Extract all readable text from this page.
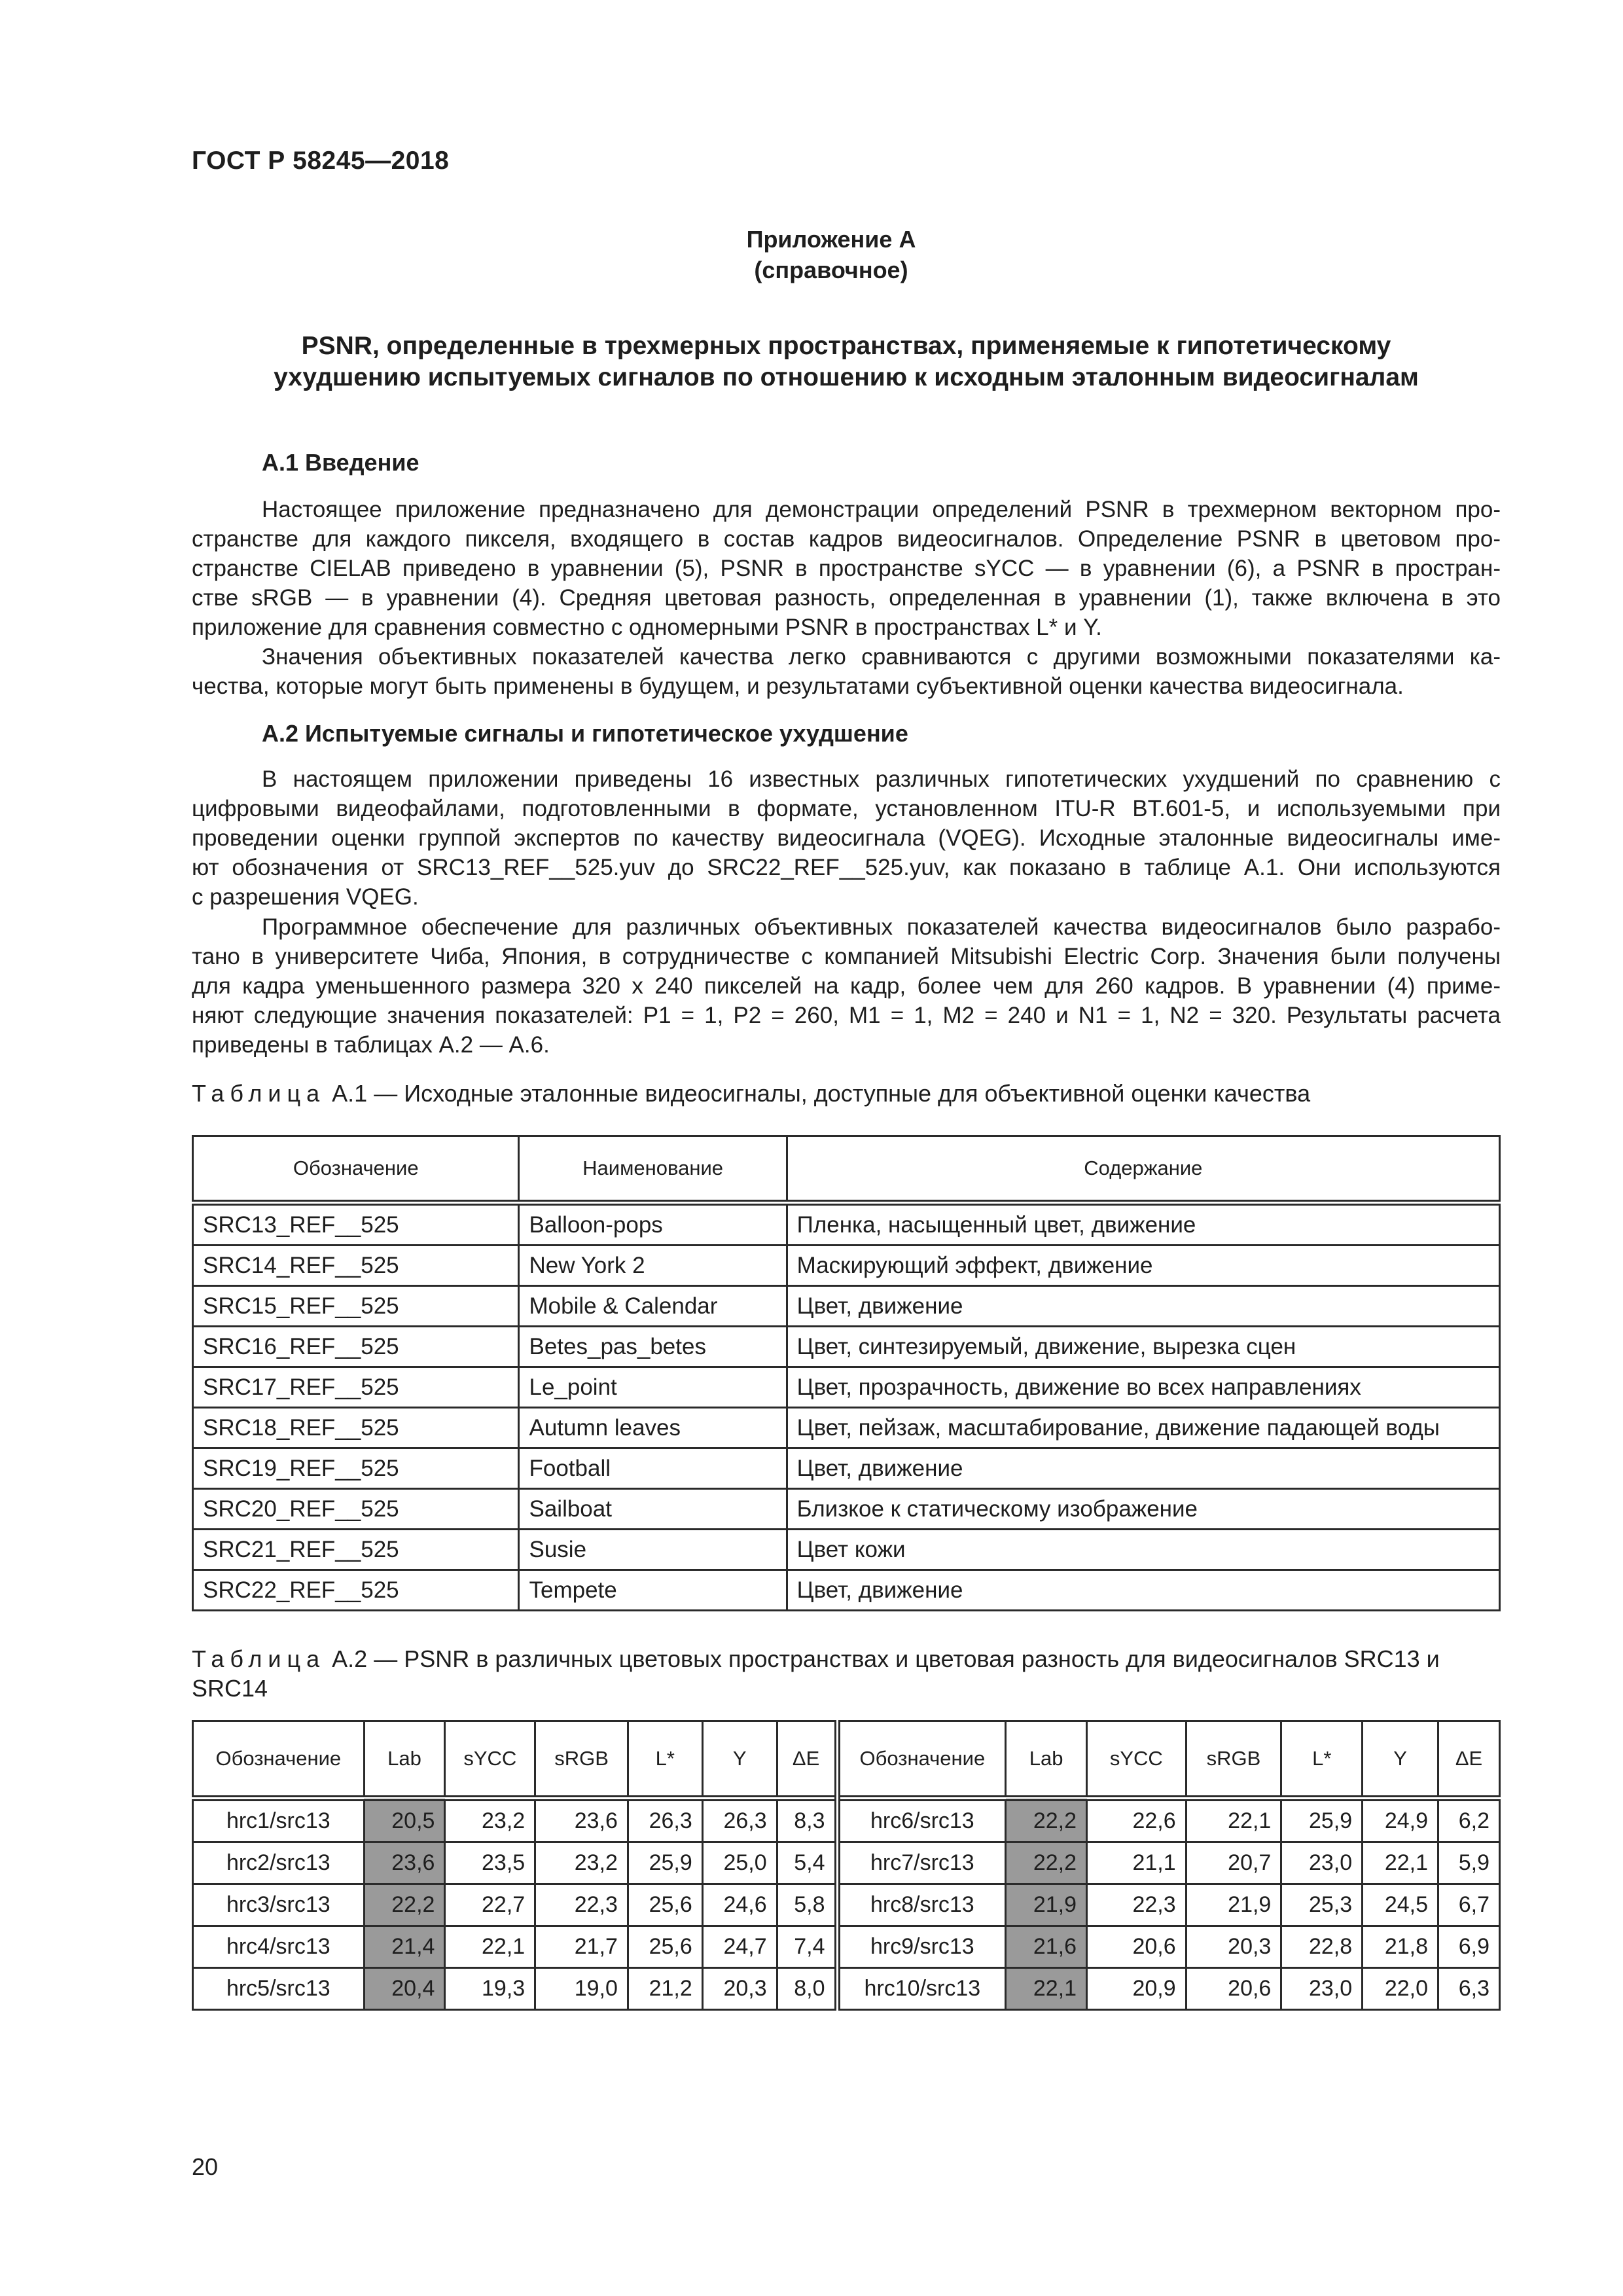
ГОСТ Р 58245—2018
Приложение А
(справочное)
PSNR, определенные в трехмерных пространствах, применяемые к гипотетическому
ухудшению испытуемых сигналов по отношению к исходным эталонным видеосигналам
А.1 Введение
Настоящее приложение предназначено для демонстрации определений PSNR в трехмерном векторном про-
странстве для каждого пикселя, входящего в состав кадров видеосигналов. Определение PSNR в цветовом про-
странстве CIELAB приведено в уравнении (5), PSNR в пространстве sYCC — в уравнении (6), а PSNR в простран-
стве sRGB — в уравнении (4). Средняя цветовая разность, определенная в уравнении (1), также включена в это
приложение для сравнения совместно с одномерными PSNR в пространствах L* и Y.
Значения объективных показателей качества легко сравниваются с другими возможными показателями ка-
чества, которые могут быть применены в будущем, и результатами субъективной оценки качества видеосигнала.
А.2 Испытуемые сигналы и гипотетическое ухудшение
В настоящем приложении приведены 16 известных различных гипотетических ухудшений по сравнению с
цифровыми видеофайлами, подготовленными в формате, установленном ITU-R BT.601-5, и используемыми при
проведении оценки группой экспертов по качеству видеосигнала (VQEG). Исходные эталонные видеосигналы име-
ют обозначения от SRC13_REF__525.yuv до SRC22_REF__525.yuv, как показано в таблице А.1. Они используются
с разрешения VQEG.
Программное обеспечение для различных объективных показателей качества видеосигналов было разрабо-
тано в университете Чиба, Япония, в сотрудничестве с компанией Mitsubishi Electric Corp. Значения были получены
для кадра уменьшенного размера 320 x 240 пикселей на кадр, более чем для 260 кадров. В уравнении (4) приме-
няют следующие значения показателей: P1 = 1, P2 = 260, M1 = 1, M2 = 240 и N1 = 1, N2 = 320. Результаты расчета
приведены в таблицах А.2 — А.6.
Таблица А.1 — Исходные эталонные видеосигналы, доступные для объективной оценки качества
Обозначение	Наименование	Содержание
SRC13_REF__525	Balloon-pops	Пленка, насыщенный цвет, движение
SRC14_REF__525	New York 2	Маскирующий эффект, движение
SRC15_REF__525	Mobile & Calendar	Цвет, движение
SRC16_REF__525	Betes_pas_betes	Цвет, синтезируемый, движение, вырезка сцен
SRC17_REF__525	Le_point	Цвет, прозрачность, движение во всех направлениях
SRC18_REF__525	Autumn leaves	Цвет, пейзаж, масштабирование, движение падающей воды
SRC19_REF__525	Football	Цвет, движение
SRC20_REF__525	Sailboat	Близкое к статическому изображение
SRC21_REF__525	Susie	Цвет кожи
SRC22_REF__525	Tempete	Цвет, движение
Таблица А.2 — PSNR в различных цветовых пространствах и цветовая разность для видеосигналов SRC13 и
SRC14
Обозначение	Lab	sYCC	sRGB	L*	Y	ΔE	Обозначение	Lab	sYCC	sRGB	L*	Y	ΔE
hrc1/src13	20,5	23,2	23,6	26,3	26,3	8,3	hrc6/src13	22,2	22,6	22,1	25,9	24,9	6,2
hrc2/src13	23,6	23,5	23,2	25,9	25,0	5,4	hrc7/src13	22,2	21,1	20,7	23,0	22,1	5,9
hrc3/src13	22,2	22,7	22,3	25,6	24,6	5,8	hrc8/src13	21,9	22,3	21,9	25,3	24,5	6,7
hrc4/src13	21,4	22,1	21,7	25,6	24,7	7,4	hrc9/src13	21,6	20,6	20,3	22,8	21,8	6,9
hrc5/src13	20,4	19,3	19,0	21,2	20,3	8,0	hrc10/src13	22,1	20,9	20,6	23,0	22,0	6,3
20
